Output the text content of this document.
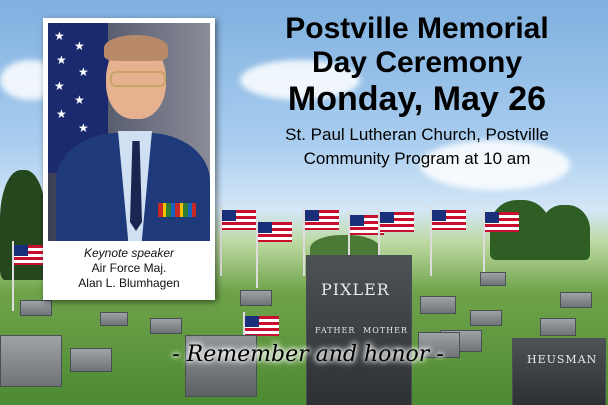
PIXLER
FATHER MOTHER
HEUSMAN
★
★
★
★
★
★
★
★
Keynote speaker
Air Force Maj.
Alan L. Blumhagen

Postville Memorial

Day Ceremony

Monday, May 26

St. Paul Lutheran Church, Postville

Community Program at 10 am

- Remember and honor -
